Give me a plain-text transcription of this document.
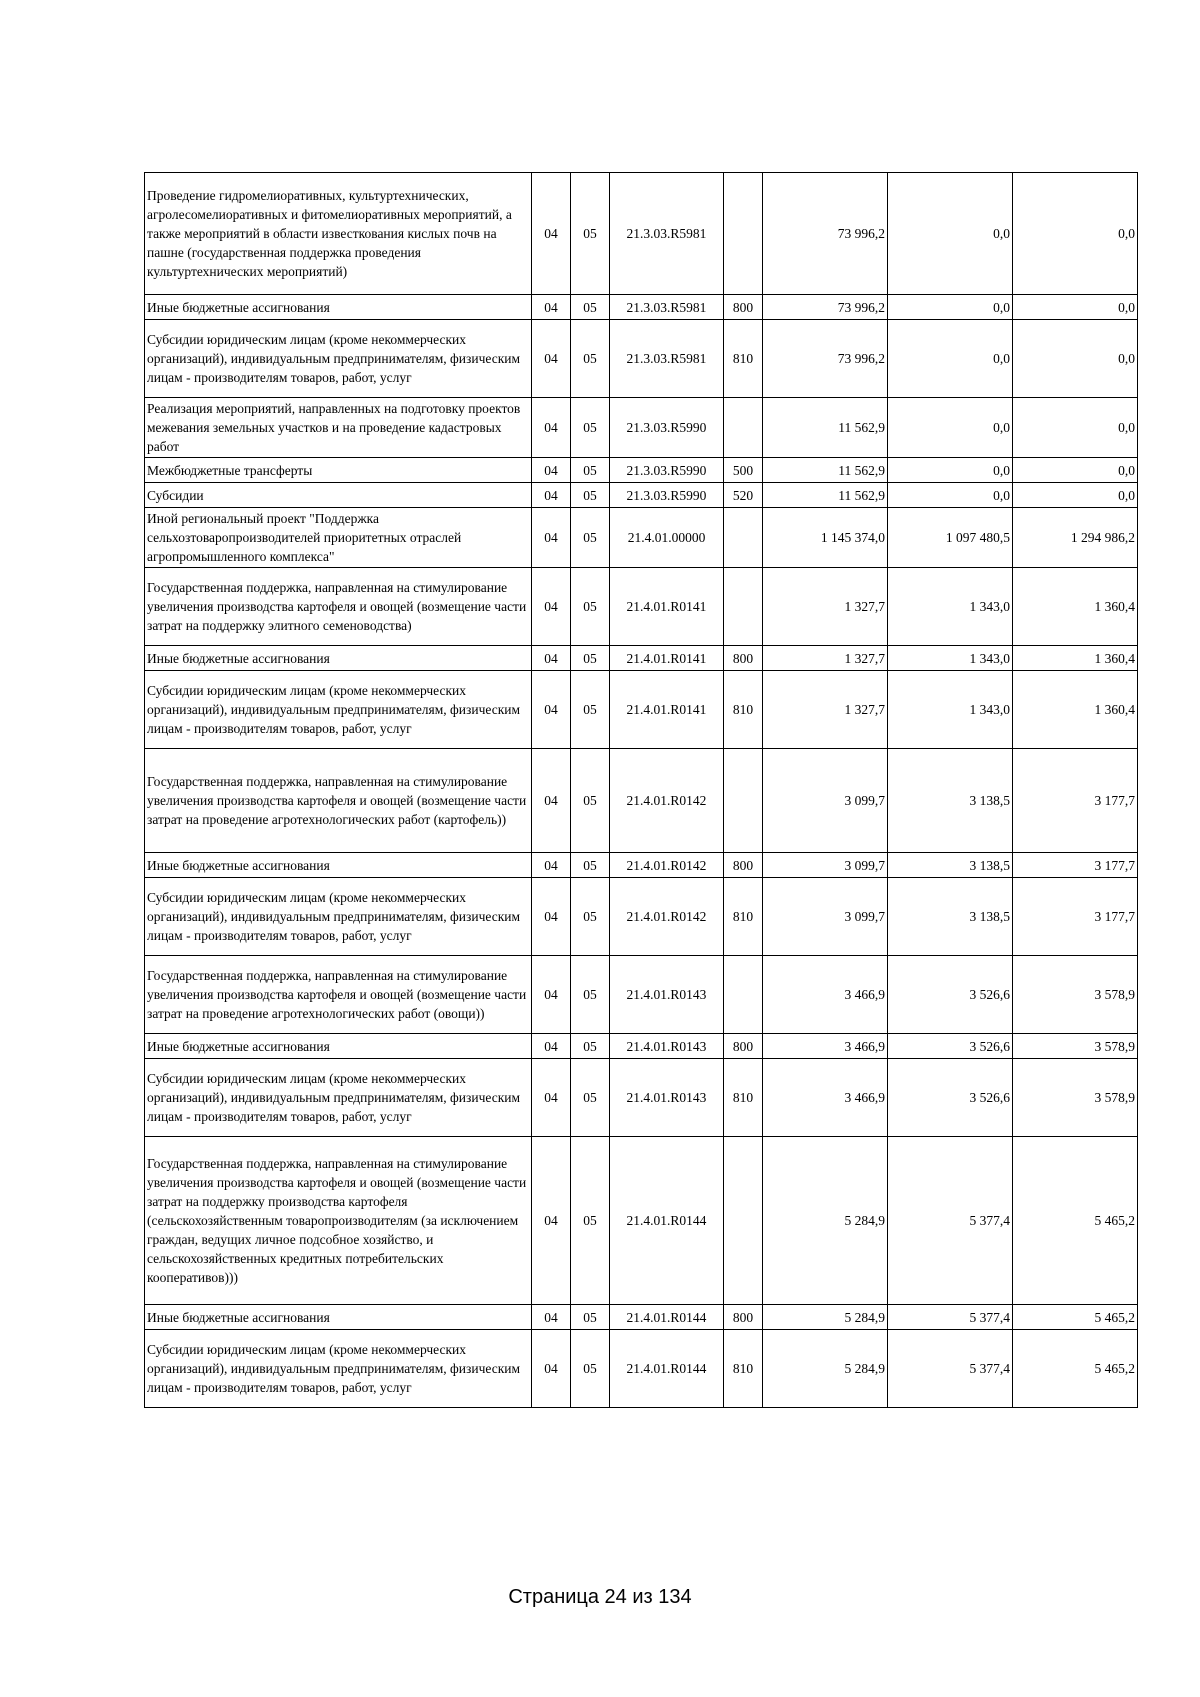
Проведение гидромелиоративных, культуртехнических, агролесомелиоративных и фитомелиоративных мероприятий, а также мероприятий в области известкования кислых почв на пашне (государственная поддержка проведения культуртехнических мероприятий)	04	05	21.3.03.R5981		73 996,2	0,0	0,0
Иные бюджетные ассигнования	04	05	21.3.03.R5981	800	73 996,2	0,0	0,0
Субсидии юридическим лицам (кроме некоммерческих организаций), индивидуальным предпринимателям, физическим лицам - производителям товаров, работ, услуг	04	05	21.3.03.R5981	810	73 996,2	0,0	0,0
Реализация мероприятий, направленных на подготовку проектов межевания земельных участков и на проведение кадастровых работ	04	05	21.3.03.R5990		11 562,9	0,0	0,0
Межбюджетные трансферты	04	05	21.3.03.R5990	500	11 562,9	0,0	0,0
Субсидии	04	05	21.3.03.R5990	520	11 562,9	0,0	0,0
Иной региональный проект "Поддержка сельхозтоваропроизводителей приоритетных отраслей агропромышленного комплекса"	04	05	21.4.01.00000		1 145 374,0	1 097 480,5	1 294 986,2
Государственная поддержка, направленная на стимулирование увеличения производства картофеля и овощей (возмещение части затрат на поддержку элитного семеноводства)	04	05	21.4.01.R0141		1 327,7	1 343,0	1 360,4
Иные бюджетные ассигнования	04	05	21.4.01.R0141	800	1 327,7	1 343,0	1 360,4
Субсидии юридическим лицам (кроме некоммерческих организаций), индивидуальным предпринимателям, физическим лицам - производителям товаров, работ, услуг	04	05	21.4.01.R0141	810	1 327,7	1 343,0	1 360,4
Государственная поддержка, направленная на стимулирование увеличения производства картофеля и овощей (возмещение части затрат на проведение агротехнологических работ (картофель))	04	05	21.4.01.R0142		3 099,7	3 138,5	3 177,7
Иные бюджетные ассигнования	04	05	21.4.01.R0142	800	3 099,7	3 138,5	3 177,7
Субсидии юридическим лицам (кроме некоммерческих организаций), индивидуальным предпринимателям, физическим лицам - производителям товаров, работ, услуг	04	05	21.4.01.R0142	810	3 099,7	3 138,5	3 177,7
Государственная поддержка, направленная на стимулирование увеличения производства картофеля и овощей (возмещение части затрат на проведение агротехнологических работ (овощи))	04	05	21.4.01.R0143		3 466,9	3 526,6	3 578,9
Иные бюджетные ассигнования	04	05	21.4.01.R0143	800	3 466,9	3 526,6	3 578,9
Субсидии юридическим лицам (кроме некоммерческих организаций), индивидуальным предпринимателям, физическим лицам - производителям товаров, работ, услуг	04	05	21.4.01.R0143	810	3 466,9	3 526,6	3 578,9
Государственная поддержка, направленная на стимулирование увеличения производства картофеля и овощей (возмещение части затрат на поддержку производства картофеля (сельскохозяйственным товаропроизводителям (за исключением граждан, ведущих личное подсобное хозяйство, и сельскохозяйственных кредитных потребительских кооперативов)))	04	05	21.4.01.R0144		5 284,9	5 377,4	5 465,2
Иные бюджетные ассигнования	04	05	21.4.01.R0144	800	5 284,9	5 377,4	5 465,2
Субсидии юридическим лицам (кроме некоммерческих организаций), индивидуальным предпринимателям, физическим лицам - производителям товаров, работ, услуг	04	05	21.4.01.R0144	810	5 284,9	5 377,4	5 465,2
Страница 24 из 134
